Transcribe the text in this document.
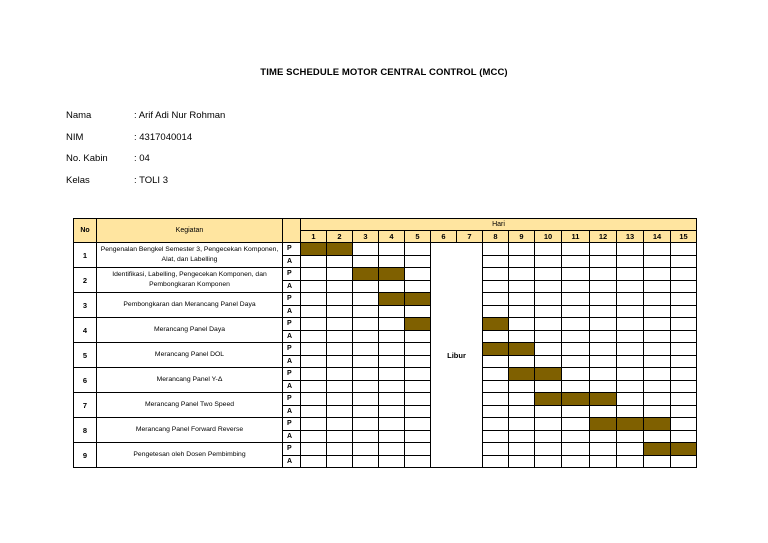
TIME SCHEDULE MOTOR CENTRAL CONTROL (MCC)
Nama	: Arif Adi Nur Rohman
NIM	: 4317040014
No. Kabin	: 04
Kelas	: TOLI 3
No	Kegiatan		Hari														
			1	2	3	4	5	6	7	8	9	10	11	12	13	14	15
1	Pengenalan Bengkel Semester 3, Pengecekan Komponen, Alat, dan Labelling	P						Libur									
		A															
2	Identifikasi, Labelling, Pengecekan Komponen, dan Pembongkaran Komponen	P															
		A															
3	Pembongkaran dan Merancang Panel Daya	P															
		A															
4	Merancang Panel Daya	P															
		A															
5	Merancang Panel DOL	P															
		A															
6	Merancang Panel Y-Δ	P															
		A															
7	Merancang Panel Two Speed	P															
		A															
8	Merancang Panel Forward Reverse	P															
		A															
9	Pengetesan oleh Dosen Pembimbing	P															
		A															
